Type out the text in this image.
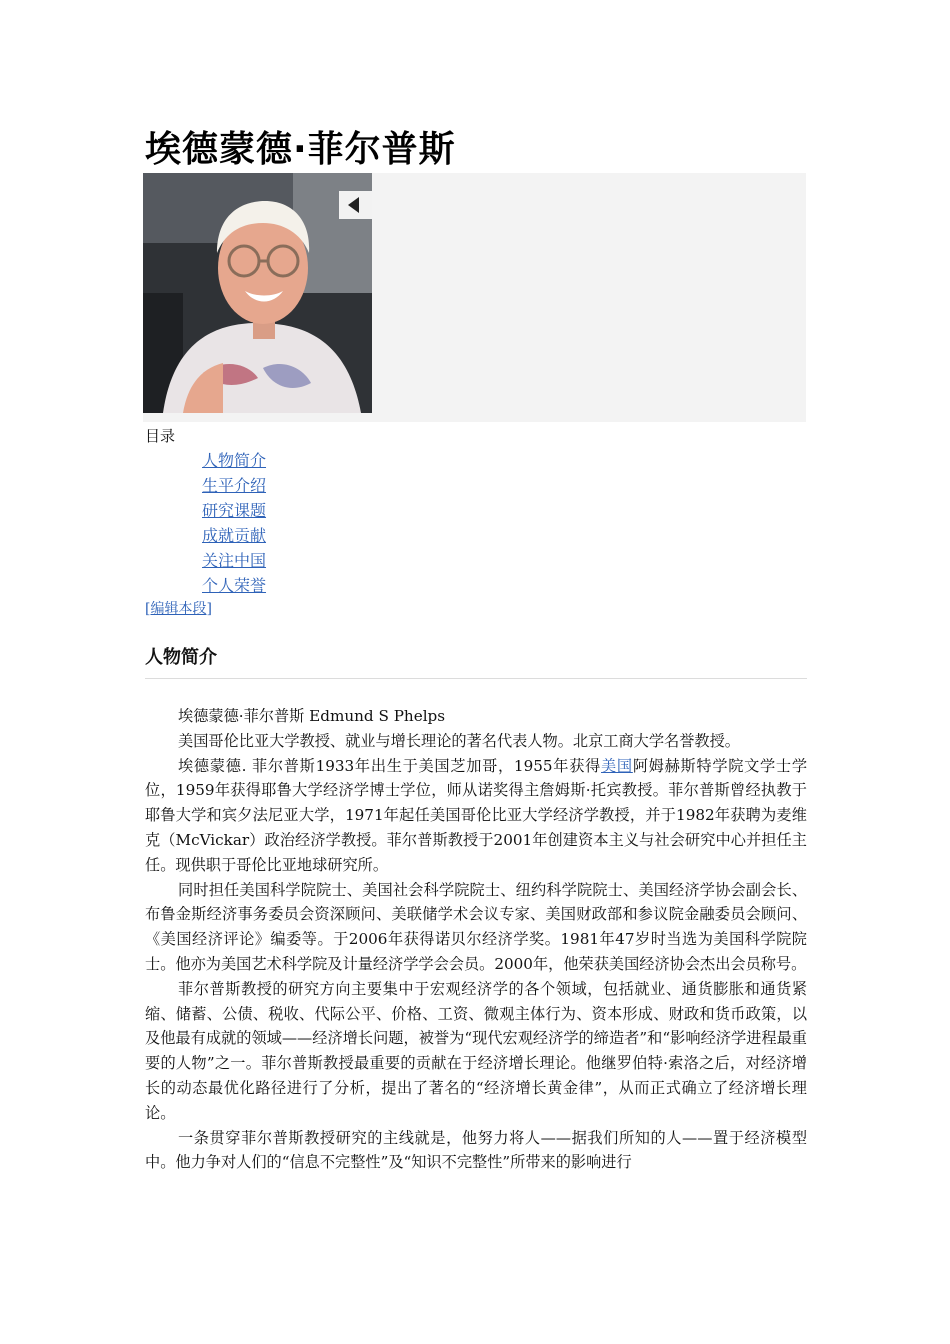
埃德蒙德·菲尔普斯
目录
人物简介
生平介绍
研究课题
成就贡献
关注中国
个人荣誉
[编辑本段]
人物简介

埃德蒙德·菲尔普斯 Edmund S Phelps

美国哥伦比亚大学教授、就业与增长理论的著名代表人物。北京工商大学名誉教授。

埃德蒙德. 菲尔普斯1933年出生于美国芝加哥，1955年获得美国阿姆赫斯特学院文学士学位，1959年获得耶鲁大学经济学博士学位，师从诺奖得主詹姆斯·托宾教授。菲尔普斯曾经执教于耶鲁大学和宾夕法尼亚大学，1971年起任美国哥伦比亚大学经济学教授，并于1982年获聘为麦维克（McVickar）政治经济学教授。菲尔普斯教授于2001年创建资本主义与社会研究中心并担任主任。现供职于哥伦比亚地球研究所。

同时担任美国科学院院士、美国社会科学院院士、纽约科学院院士、美国经济学协会副会长、布鲁金斯经济事务委员会资深顾问、美联储学术会议专家、美国财政部和参议院金融委员会顾问、《美国经济评论》编委等。于2006年获得诺贝尔经济学奖。1981年47岁时当选为美国科学院院士。他亦为美国艺术科学院及计量经济学学会会员。2000年，他荣获美国经济协会杰出会员称号。

菲尔普斯教授的研究方向主要集中于宏观经济学的各个领域，包括就业、通货膨胀和通货紧缩、储蓄、公债、税收、代际公平、价格、工资、微观主体行为、资本形成、财政和货币政策，以及他最有成就的领域——经济增长问题，被誉为“现代宏观经济学的缔造者”和“影响经济学进程最重要的人物”之一。菲尔普斯教授最重要的贡献在于经济增长理论。他继罗伯特·索洛之后，对经济增长的动态最优化路径进行了分析，提出了著名的“经济增长黄金律”，从而正式确立了经济增长理论。

一条贯穿菲尔普斯教授研究的主线就是，他努力将人——据我们所知的人——置于经济模型中。他力争对人们的“信息不完整性”及“知识不完整性”所带来的影响进行
